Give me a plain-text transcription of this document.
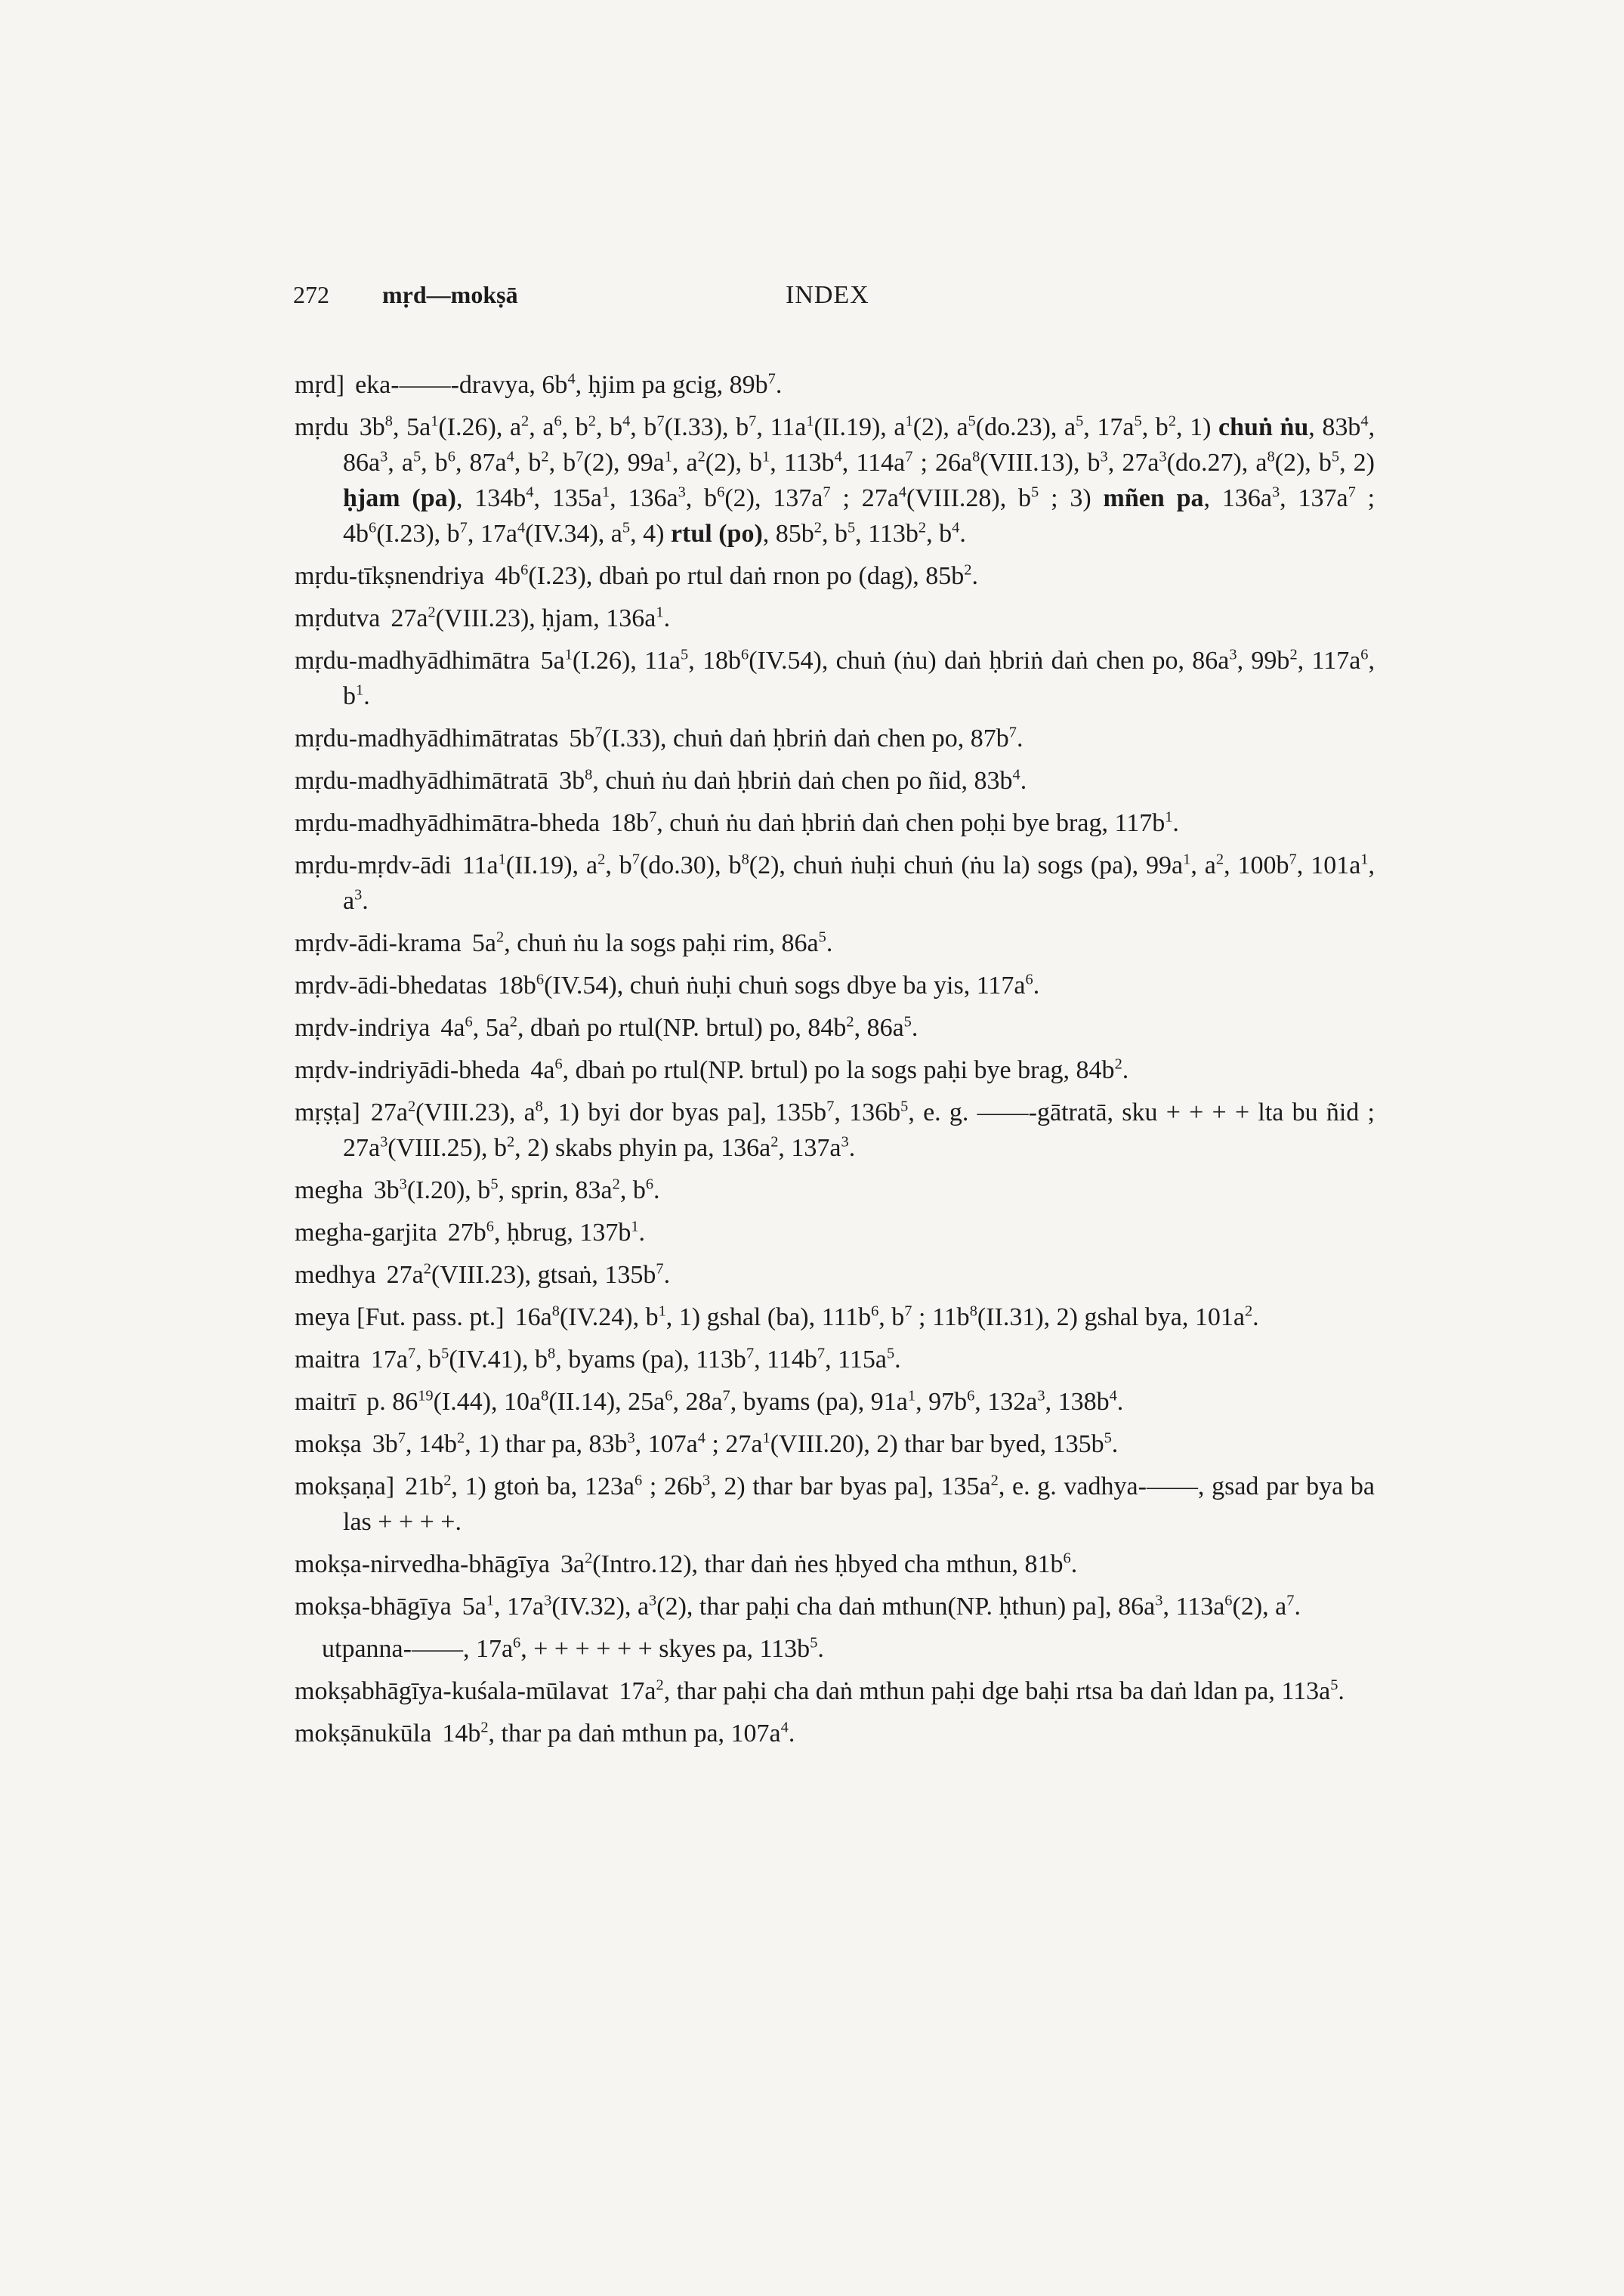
272 mṛd—mokṣā	INDEX
mṛd] eka-——-dravya, $6b^4$, ḥjim pa gcig, $89b^7$.
mṛdu $3b^8$, $5a^1(I.26)$, $a^2$, $a^6$, $b^2$, $b^4$, $b^7(I.33)$, $b^7$, $11a^1(II.19)$, $a^1(2)$, $a^5(do.23)$, $a^5$, $17a^5$, $b^2$, 1) chuṅ ṅu, $83b^4$, $86a^3$, $a^5$, $b^6$, $87a^4$, $b^2$, $b^7(2)$, $99a^1$, $a^2(2)$, $b^1$, $113b^4$, $114a^7$ ; $26a^8(VIII.13)$, $b^3$, $27a^3(do.27)$, $a^8(2)$, $b^5$, 2) ḥjam (pa), $134b^4$, $135a^1$, $136a^3$, $b^6(2)$, $137a^7$ ; $27a^4(VIII.28)$, $b^5$ ; 3) mñen pa, $136a^3$, $137a^7$ ; $4b^6(I.23)$, $b^7$, $17a^4(IV.34)$, $a^5$, 4) rtul (po), $85b^2$, $b^5$, $113b^2$, $b^4$.
mṛdu-tīkṣnendriya $4b^6(I.23)$, dbaṅ po rtul daṅ rnon po (dag), $85b^2$.
mṛdutva $27a^2(VIII.23)$, ḥjam, $136a^1$.
mṛdu-madhyādhimātra $5a^1(I.26)$, $11a^5$, $18b^6(IV.54)$, chuṅ (ṅu) daṅ ḥbriṅ daṅ chen po, $86a^3$, $99b^2$, $117a^6$, $b^1$.
mṛdu-madhyādhimātratas $5b^7(I.33)$, chuṅ daṅ ḥbriṅ daṅ chen po, $87b^7$.
mṛdu-madhyādhimātratā $3b^8$, chuṅ ṅu daṅ ḥbriṅ daṅ chen po ñid, $83b^4$.
mṛdu-madhyādhimātra-bheda $18b^7$, chuṅ ṅu daṅ ḥbriṅ daṅ chen poḥi bye brag, $117b^1$.
mṛdu-mṛdv-ādi $11a^1(II.19)$, $a^2$, $b^7(do.30)$, $b^8(2)$, chuṅ ṅuḥi chuṅ (ṅu la) sogs (pa), $99a^1$, $a^2$, $100b^7$, $101a^1$, $a^3$.
mṛdv-ādi-krama $5a^2$, chuṅ ṅu la sogs paḥi rim, $86a^5$.
mṛdv-ādi-bhedatas $18b^6(IV.54)$, chuṅ ṅuḥi chuṅ sogs dbye ba yis, $117a^6$.
mṛdv-indriya $4a^6$, $5a^2$, dbaṅ po rtul(NP. brtul) po, $84b^2$, $86a^5$.
mṛdv-indriyādi-bheda $4a^6$, dbaṅ po rtul(NP. brtul) po la sogs paḥi bye brag, $84b^2$.
mṛṣṭa] $27a^2(VIII.23)$, $a^8$, 1) byi dor byas pa], $135b^7$, $136b^5$, e. g. ——-gātratā, sku + + + + lta bu ñid ; $27a^3(VIII.25)$, $b^2$, 2) skabs phyin pa, $136a^2$, $137a^3$.
megha $3b^3(I.20)$, $b^5$, sprin, $83a^2$, $b^6$.
megha-garjita $27b^6$, ḥbrug, $137b^1$.
medhya $27a^2(VIII.23)$, gtsaṅ, $135b^7$.
meya [Fut. pass. pt.] $16a^8(IV.24)$, $b^1$, 1) gshal (ba), $111b^6$, $b^7$ ; $11b^8(II.31)$, 2) gshal bya, $101a^2$.
maitra $17a^7$, $b^5(IV.41)$, $b^8$, byams (pa), $113b^7$, $114b^7$, $115a^5$.
maitrī p. $86^{19}(I.44)$, $10a^8(II.14)$, $25a^6$, $28a^7$, byams (pa), $91a^1$, $97b^6$, $132a^3$, $138b^4$.
mokṣa $3b^7$, $14b^2$, 1) thar pa, $83b^3$, $107a^4$ ; $27a^1(VIII.20)$, 2) thar bar byed, $135b^5$.
mokṣaṇa] $21b^2$, 1) gtoṅ ba, $123a^6$ ; $26b^3$, 2) thar bar byas pa], $135a^2$, e. g. vadhya-——, gsad par bya ba las + + + +.
mokṣa-nirvedha-bhāgīya $3a^2(Intro.12)$, thar daṅ ṅes ḥbyed cha mthun, $81b^6$.
mokṣa-bhāgīya $5a^1$, $17a^3(IV.32)$, $a^3(2)$, thar paḥi cha daṅ mthun(NP. ḥthun) pa], $86a^3$, $113a^6(2)$, $a^7$.
utpanna-——, $17a^6$, + + + + + + skyes pa, $113b^5$.
mokṣabhāgīya-kuśala-mūlavat $17a^2$, thar paḥi cha daṅ mthun paḥi dge baḥi rtsa ba daṅ ldan pa, $113a^5$.
mokṣānukūla $14b^2$, thar pa daṅ mthun pa, $107a^4$.
